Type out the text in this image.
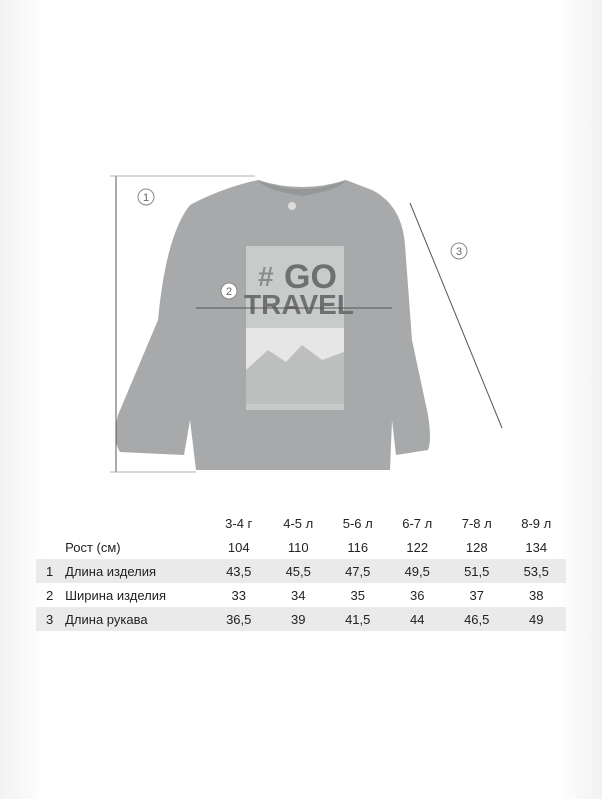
# GO
TRAVEL
1
2
3
		3-4 г	4-5 л	5-6 л	6-7 л	7-8 л	8-9 л
	Рост (см)	104	110	116	122	128	134
1	Длина изделия	43,5	45,5	47,5	49,5	51,5	53,5
2	Ширина изделия	33	34	35	36	37	38
3	Длина рукава	36,5	39	41,5	44	46,5	49
